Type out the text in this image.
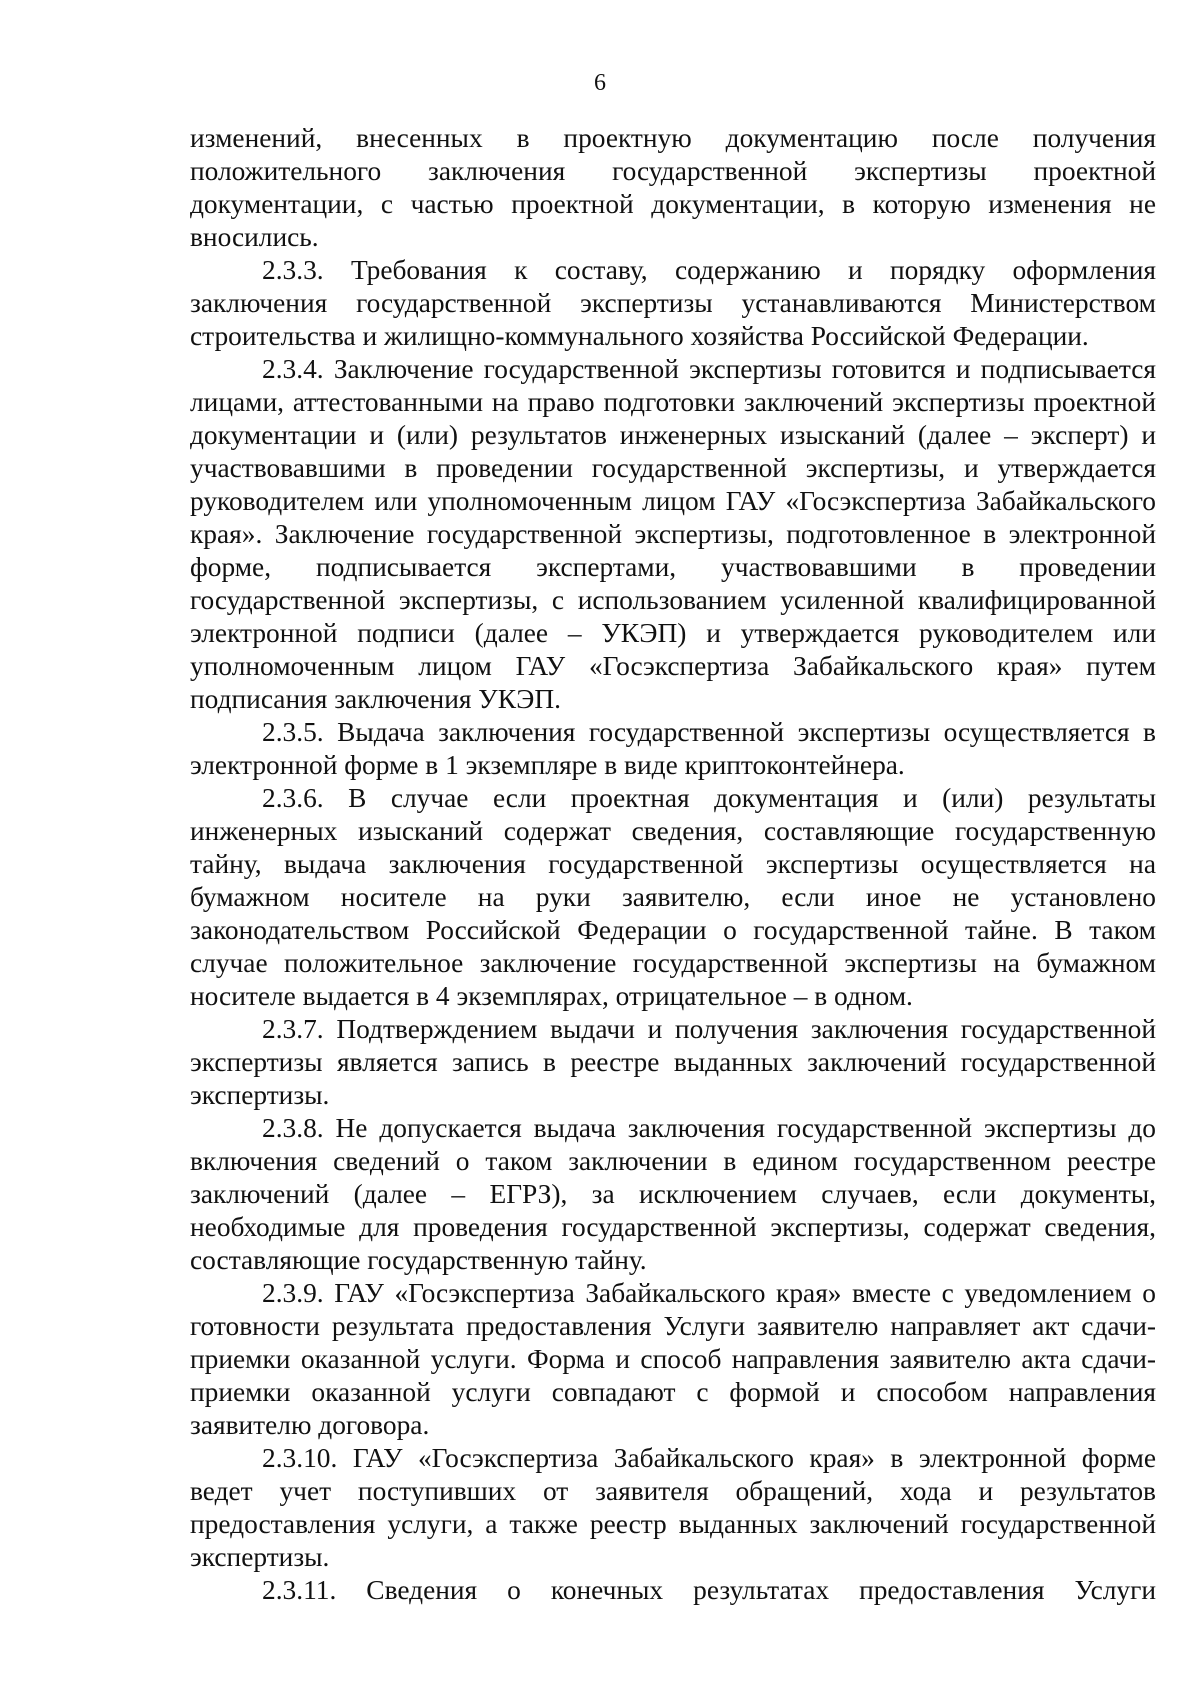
6

изменений, внесенных в проектную документацию после получения положительного заключения государственной экспертизы проектной документации, с частью проектной документации, в которую изменения не вносились.

2.3.3. Требования к составу, содержанию и порядку оформления заключения государственной экспертизы устанавливаются Министерством строительства и жилищно-коммунального хозяйства Российской Федерации.

2.3.4. Заключение государственной экспертизы готовится и подписывается лицами, аттестованными на право подготовки заключений экспертизы проектной документации и (или) результатов инженерных изысканий (далее – эксперт) и участвовавшими в проведении государственной экспертизы, и утверждается руководителем или уполномоченным лицом ГАУ «Госэкспертиза Забайкальского края». Заключение государственной экспертизы, подготовленное в электронной форме, подписывается экспертами, участвовавшими в проведении государственной экспертизы, с использованием усиленной квалифицированной электронной подписи (далее – УКЭП) и утверждается руководителем или уполномоченным лицом ГАУ «Госэкспертиза Забайкальского края» путем подписания заключения УКЭП.

2.3.5. Выдача заключения государственной экспертизы осуществляется в электронной форме в 1 экземпляре в виде криптоконтейнера.

2.3.6. В случае если проектная документация и (или) результаты инженерных изысканий содержат сведения, составляющие государственную тайну, выдача заключения государственной экспертизы осуществляется на бумажном носителе на руки заявителю, если иное не установлено законодательством Российской Федерации о государственной тайне. В таком случае положительное заключение государственной экспертизы на бумажном носителе выдается в 4 экземплярах, отрицательное – в одном.

2.3.7. Подтверждением выдачи и получения заключения государственной экспертизы является запись в реестре выданных заключений государственной экспертизы.

2.3.8. Не допускается выдача заключения государственной экспертизы до включения сведений о таком заключении в едином государственном реестре заключений (далее – ЕГРЗ), за исключением случаев, если документы, необходимые для проведения государственной экспертизы, содержат сведения, составляющие государственную тайну.

2.3.9. ГАУ «Госэкспертиза Забайкальского края» вместе с уведомлением о готовности результата предоставления Услуги заявителю направляет акт сдачи-приемки оказанной услуги. Форма и способ направления заявителю акта сдачи-приемки оказанной услуги совпадают с формой и способом направления заявителю договора.

2.3.10. ГАУ «Госэкспертиза Забайкальского края» в электронной форме ведет учет поступивших от заявителя обращений, хода и результатов предоставления услуги, а также реестр выданных заключений государственной экспертизы.

2.3.11. Сведения о конечных результатах предоставления Услуги
